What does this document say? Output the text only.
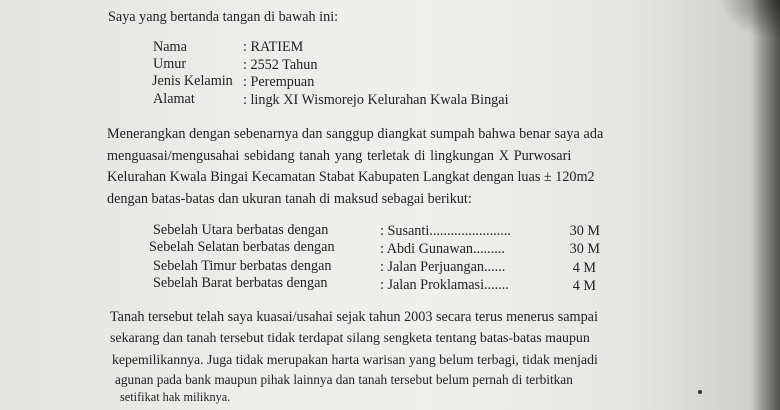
Saya yang bertanda tangan di bawah ini:
Nama	: RATIEM
Umur	: 2552 Tahun
Jenis Kelamin : Perempuan
Alamat	: lingk XI Wismorejo Kelurahan Kwala Bingai
Menerangkan dengan sebenarnya dan sanggup diangkat sumpah bahwa benar saya ada
menguasai/mengusahai sebidang tanah yang terletak di lingkungan X Purwosari
Kelurahan Kwala Bingai Kecamatan Stabat Kabupaten Langkat dengan luas ± 120m2
dengan batas-batas dan ukuran tanah di maksud sebagai berikut:
Sebelah Utara berbatas dengan	: Susanti.......................	30 M
Sebelah Selatan berbatas dengan	: Abdi Gunawan.........	30 M
Sebelah Timur berbatas dengan	: Jalan Perjuangan......	4 M
Sebelah Barat berbatas dengan	: Jalan Proklamasi.......	4 M
Tanah tersebut telah saya kuasai/usahai sejak tahun 2003 secara terus menerus sampai
sekarang dan tanah tersebut tidak terdapat silang sengketa tentang batas-batas maupun
kepemilikannya. Juga tidak merupakan harta warisan yang belum terbagi, tidak menjadi
agunan pada bank maupun pihak lainnya dan tanah tersebut belum pernah di terbitkan
setifikat hak miliknya.
